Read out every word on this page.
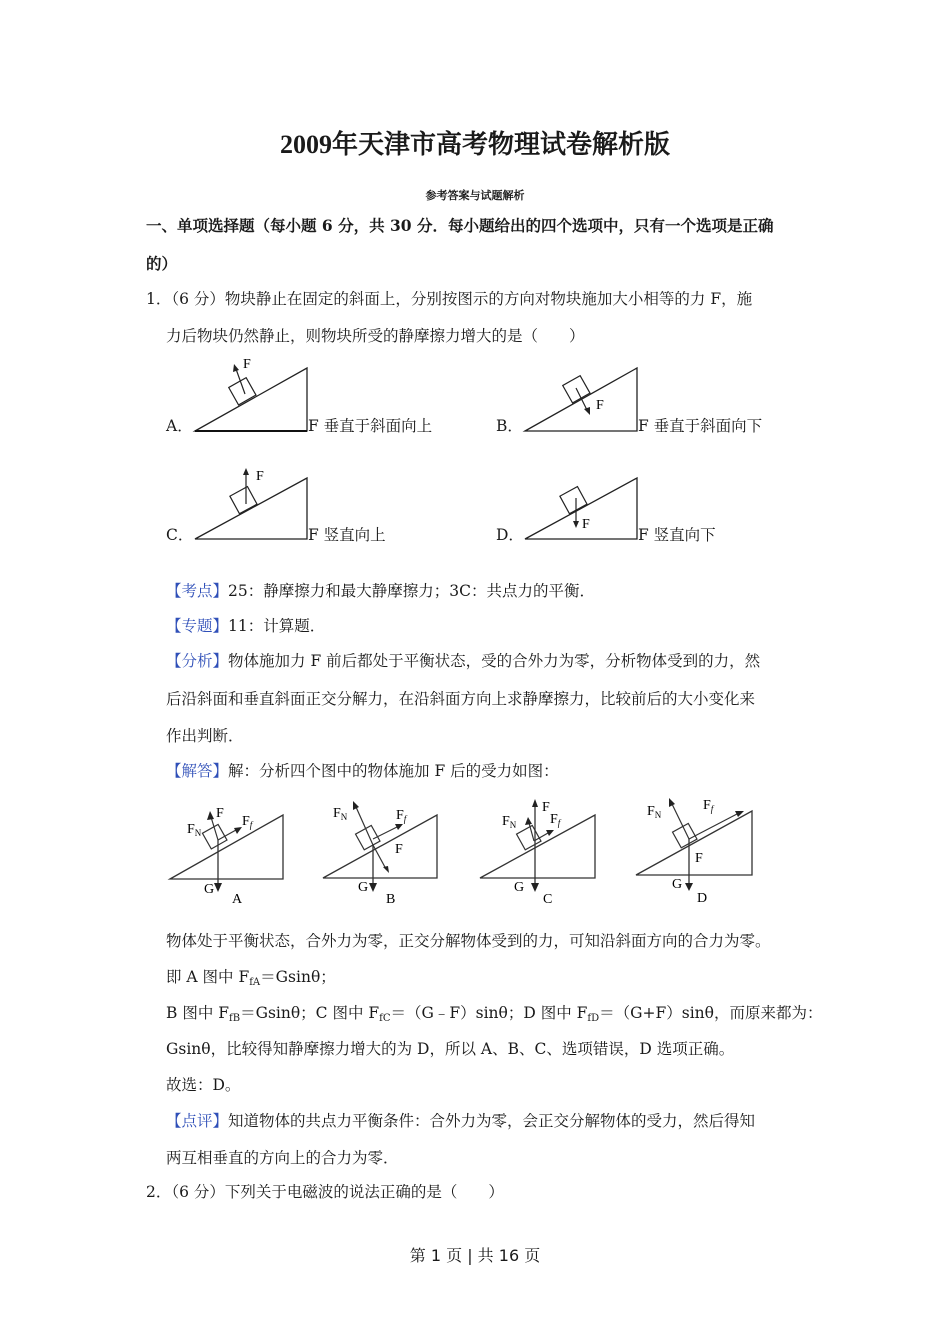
2009年天津市高考物理试卷解析版
参考答案与试题解析
一、单项选择题（每小题 6 分，共 30 分．每小题给出的四个选项中，只有一个选项是正确
的）
1．（6 分）物块静止在固定的斜面上，分别按图示的方向对物块施加大小相等的力 F，施
力后物块仍然静止，则物块所受的静摩擦力增大的是（　　）
A．
F
F 垂直于斜面向上	B．
F
F 垂直于斜面向下
C．
F
F 竖直向上	D．
F
F 竖直向下
【考点】25：静摩擦力和最大静摩擦力；3C：共点力的平衡．
【专题】11：计算题．
【分析】物体施加力 F 前后都处于平衡状态，受的合外力为零，分析物体受到的力，然
后沿斜面和垂直斜面正交分解力，在沿斜面方向上求静摩擦力，比较前后的大小变化来
作出判断．
【解答】解：分析四个图中的物体施加 F 后的受力如图：
F
$F_N$
$F_f$
G
A
$F_N$	$F_f$
F
G
B
F
$F_N$ $F_f$
G
C
$F_N$
$F_f$
F
G
D
物体处于平衡状态，合外力为零，正交分解物体受到的力，可知沿斜面方向的合力为零。
即 A 图中 $F_{fA}=Gsin\theta$；
B 图中 $F_{fB}=Gsin\theta$；C 图中 $F_{fC}=(G﹣F)\sin\theta$；D 图中 $F_{fD}=(G+F)\sin\theta$，而原来都为：
Gsinθ，比较得知静摩擦力增大的为 D，所以 A、B、C、选项错误，D 选项正确。
故选：D。
【点评】知道物体的共点力平衡条件：合外力为零，会正交分解物体的受力，然后得知
两互相垂直的方向上的合力为零．
2．（6 分）下列关于电磁波的说法正确的是（　　）
第 1 页 | 共 16 页
